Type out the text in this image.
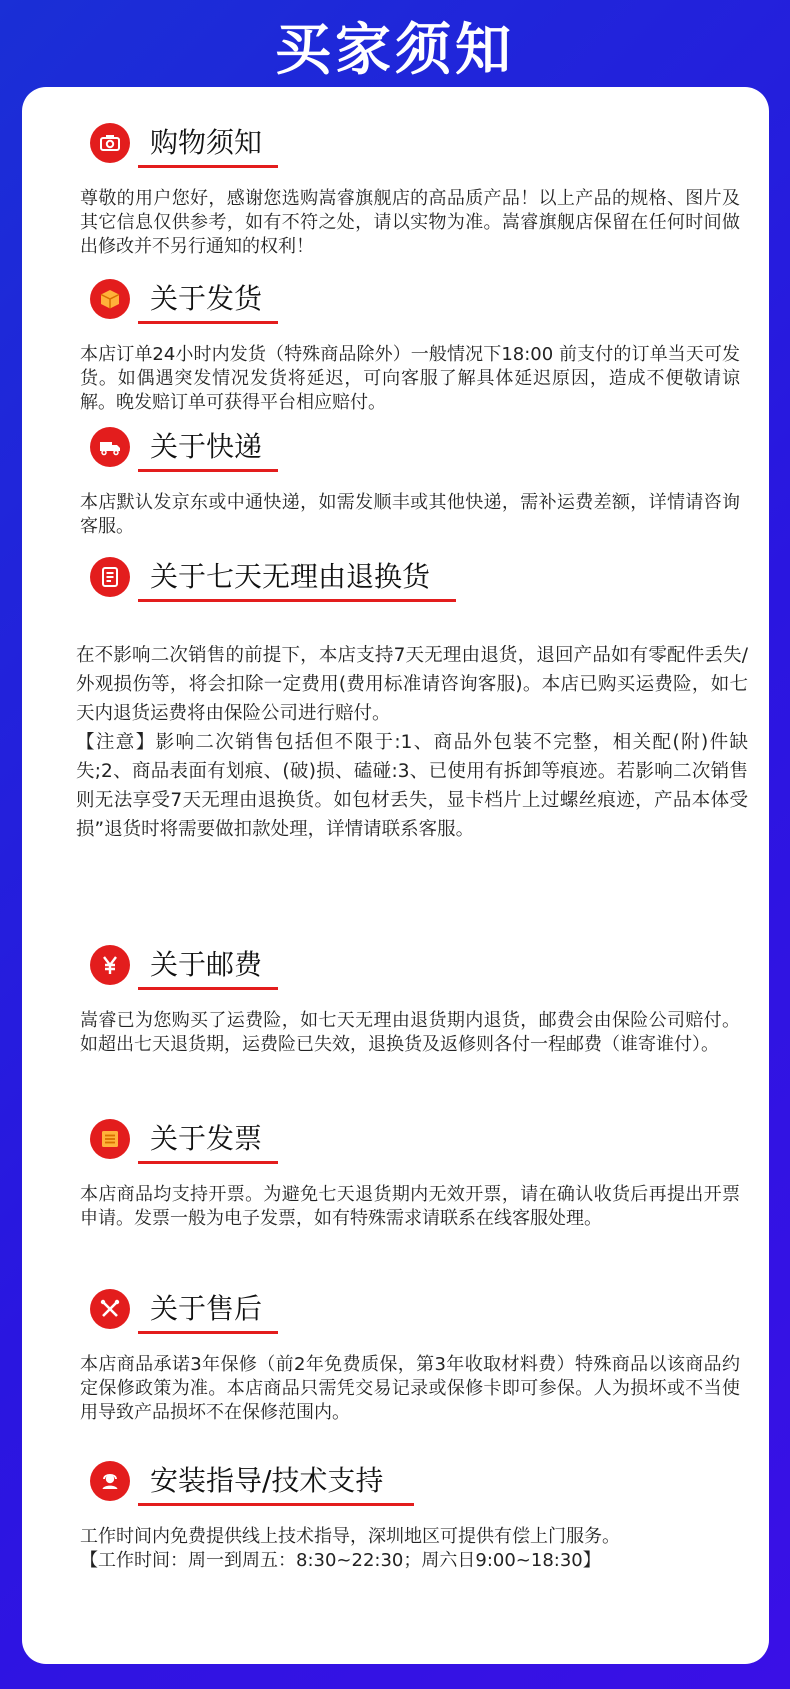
买家须知
购物须知

尊敬的用户您好，感谢您选购嵩睿旗舰店的高品质产品！以上产品的规格、图片及其它信息仅供参考，如有不符之处，请以实物为准。嵩睿旗舰店保留在任何时间做出修改并不另行通知的权利！

关于发货

本店订单24小时内发货（特殊商品除外）一般情况下18:00 前支付的订单当天可发货。如偶遇突发情况发货将延迟，可向客服了解具体延迟原因，造成不便敬请谅解。晚发赔订单可获得平台相应赔付。

关于快递

本店默认发京东或中通快递，如需发顺丰或其他快递，需补运费差额，详情请咨询客服。

关于七天无理由退换货

在不影响二次销售的前提下，本店支持7天无理由退货，退回产品如有零配件丢失/外观损伤等，将会扣除一定费用(费用标准请咨询客服)。本店已购买运费险，如七天内退货运费将由保险公司进行赔付。

【注意】影响二次销售包括但不限于:1、商品外包装不完整，相关配(附)件缺失;2、商品表面有划痕、(破)损、磕碰:3、已使用有拆卸等痕迹。若影响二次销售则无法享受7天无理由退换货。如包材丢失，显卡档片上过螺丝痕迹，产品本体受损”退货时将需要做扣款处理，详情请联系客服。

关于邮费

嵩睿已为您购买了运费险，如七天无理由退货期内退货，邮费会由保险公司赔付。如超出七天退货期，运费险已失效，退换货及返修则各付一程邮费（谁寄谁付）。

关于发票

本店商品均支持开票。为避免七天退货期内无效开票，请在确认收货后再提出开票申请。发票一般为电子发票，如有特殊需求请联系在线客服处理。

关于售后

本店商品承诺3年保修（前2年免费质保，第3年收取材料费）特殊商品以该商品约定保修政策为准。本店商品只需凭交易记录或保修卡即可参保。人为损坏或不当使用导致产品损坏不在保修范围内。

安装指导/技术支持

工作时间内免费提供线上技术指导，深圳地区可提供有偿上门服务。

【工作时间：周一到周五：8:30~22:30；周六日9:00~18:30】
